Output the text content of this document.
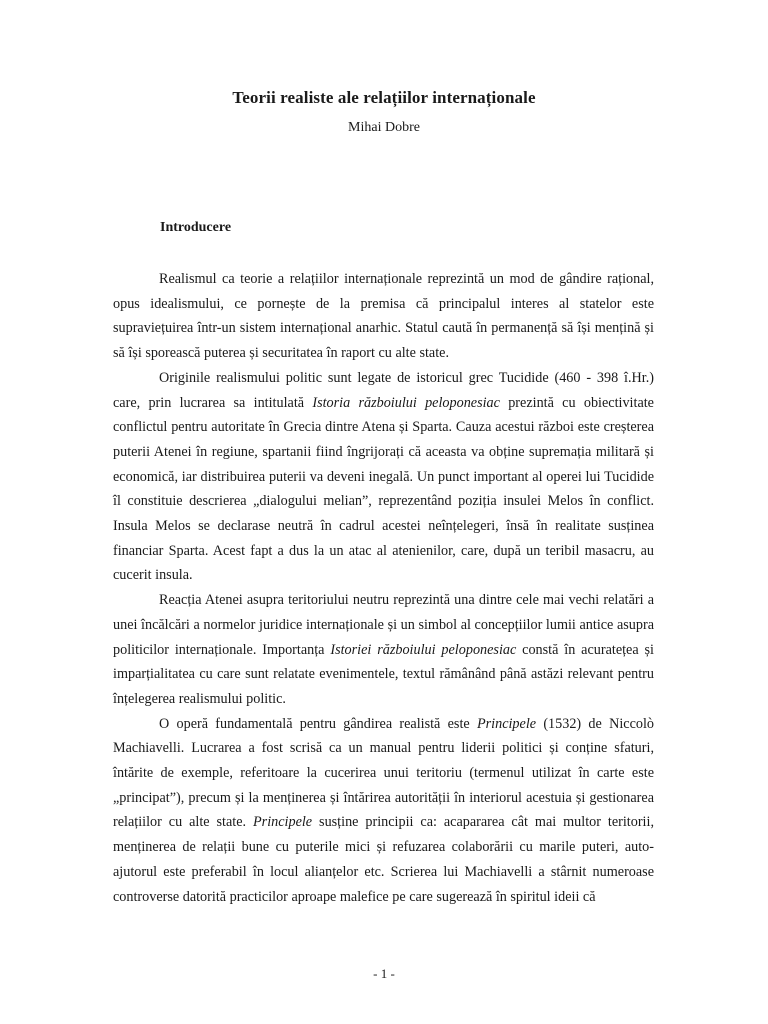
Teorii realiste ale relațiilor internaționale
Mihai Dobre
Introducere

Realismul ca teorie a relațiilor internaționale reprezintă un mod de gândire rațional, opus idealismului, ce pornește de la premisa că principalul interes al statelor este supraviețuirea într-un sistem internațional anarhic. Statul caută în permanență să își mențină și să își sporească puterea și securitatea în raport cu alte state.

Originile realismului politic sunt legate de istoricul grec Tucidide (460 - 398 î.Hr.) care, prin lucrarea sa intitulată Istoria războiului peloponesiac prezintă cu obiectivitate conflictul pentru autoritate în Grecia dintre Atena și Sparta. Cauza acestui război este creșterea puterii Atenei în regiune, spartanii fiind îngrijorați că aceasta va obține supremația militară și economică, iar distribuirea puterii va deveni inegală. Un punct important al operei lui Tucidide îl constituie descrierea „dialogului melian”, reprezentând poziția insulei Melos în conflict. Insula Melos se declarase neutră în cadrul acestei neînțelegeri, însă în realitate susținea financiar Sparta. Acest fapt a dus la un atac al atenienilor, care, după un teribil masacru, au cucerit insula.

Reacția Atenei asupra teritoriului neutru reprezintă una dintre cele mai vechi relatări a unei încălcări a normelor juridice internaționale și un simbol al concepțiilor lumii antice asupra politicilor internaționale. Importanța Istoriei războiului peloponesiac constă în acuratețea și imparțialitatea cu care sunt relatate evenimentele, textul rămânând până astăzi relevant pentru înțelegerea realismului politic.

O operă fundamentală pentru gândirea realistă este Principele (1532) de Niccolò Machiavelli. Lucrarea a fost scrisă ca un manual pentru liderii politici și conține sfaturi, întărite de exemple, referitoare la cucerirea unui teritoriu (termenul utilizat în carte este „principat”), precum și la menținerea și întărirea autorității în interiorul acestuia și gestionarea relațiilor cu alte state. Principele susține principii ca: acapararea cât mai multor teritorii, menținerea de relații bune cu puterile mici și refuzarea colaborării cu marile puteri, auto-ajutorul este preferabil în locul alianțelor etc. Scrierea lui Machiavelli a stârnit numeroase controverse datorită practicilor aproape malefice pe care sugerează în spiritul ideii că

- 1 -
